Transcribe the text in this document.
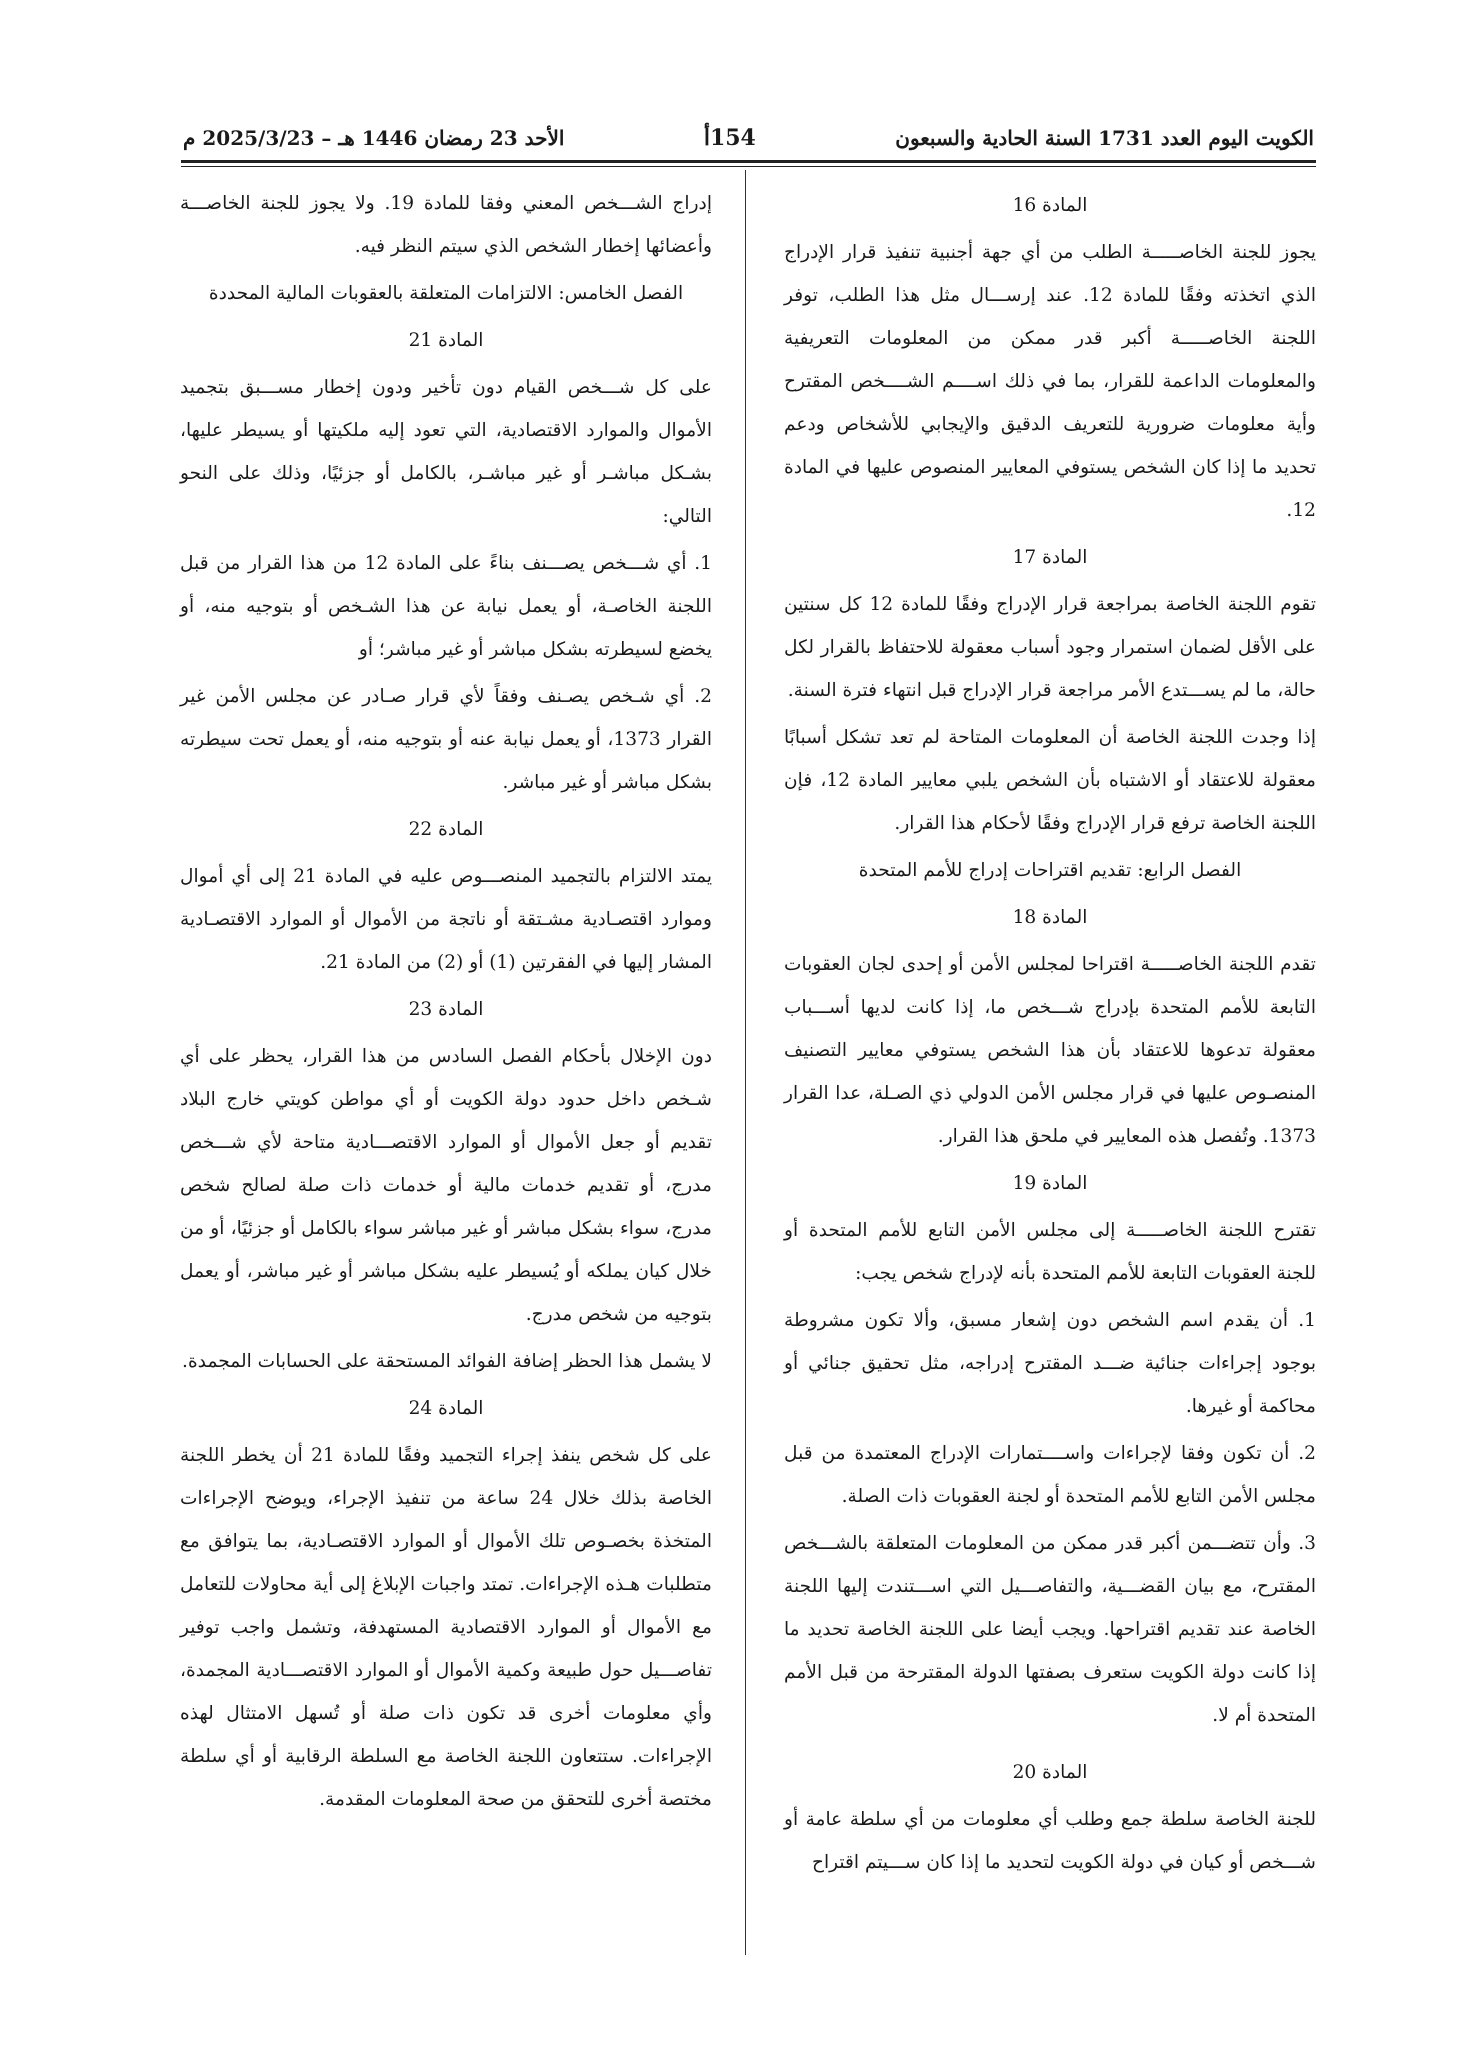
الكويت اليوم العدد 1731 السنة الحادية والسبعون
154أ
الأحد 23 رمضان 1446 هـ – 2025/3/23 م

المادة 16

يجوز للجنة الخاصـــــة الطلب من أي جهة أجنبية تنفيذ قرار الإدراج الذي اتخذته وفقًا للمادة 12. عند إرســـال مثل هذا الطلب، توفر اللجنة الخاصـــــة أكبر قدر ممكن من المعلومات التعريفية والمعلومات الداعمة للقرار، بما في ذلك اســــم الشــــخص المقترح وأية معلومات ضرورية للتعريف الدقيق والإيجابي للأشخاص ودعم تحديد ما إذا كان الشخص يستوفي المعايير المنصوص عليها في المادة 12.

المادة 17

تقوم اللجنة الخاصة بمراجعة قرار الإدراج وفقًا للمادة 12 كل سنتين على الأقل لضمان استمرار وجود أسباب معقولة للاحتفاظ بالقرار لكل حالة، ما لم يســـتدع الأمر مراجعة قرار الإدراج قبل انتهاء فترة السنة.

إذا وجدت اللجنة الخاصة أن المعلومات المتاحة لم تعد تشكل أسبابًا معقولة للاعتقاد أو الاشتباه بأن الشخص يلبي معايير المادة 12، فإن اللجنة الخاصة ترفع قرار الإدراج وفقًا لأحكام هذا القرار.

الفصل الرابع: تقديم اقتراحات إدراج للأمم المتحدة

المادة 18

تقدم اللجنة الخاصـــــة اقتراحا لمجلس الأمن أو إحدى لجان العقوبات التابعة للأمم المتحدة بإدراج شـــخص ما، إذا كانت لديها أســـباب معقولة تدعوها للاعتقاد بأن هذا الشخص يستوفي معايير التصنيف المنصـوص عليها في قرار مجلس الأمن الدولي ذي الصـلة، عدا القرار 1373. وتُفصل هذه المعايير في ملحق هذا القرار.

المادة 19

تقترح اللجنة الخاصـــــة إلى مجلس الأمن التابع للأمم المتحدة أو للجنة العقوبات التابعة للأمم المتحدة بأنه لإدراج شخص يجب:

1. أن يقدم اسم الشخص دون إشعار مسبق، وألا تكون مشروطة بوجود إجراءات جنائية ضـــد المقترح إدراجه، مثل تحقيق جنائي أو محاكمة أو غيرها.

2. أن تكون وفقا لإجراءات واســــتمارات الإدراج المعتمدة من قبل مجلس الأمن التابع للأمم المتحدة أو لجنة العقوبات ذات الصلة.

3. وأن تتضـــمن أكبر قدر ممكن من المعلومات المتعلقة بالشـــخص المقترح، مع بيان القضـــية، والتفاصـــيل التي اســـتندت إليها اللجنة الخاصة عند تقديم اقتراحها. ويجب أيضا على اللجنة الخاصة تحديد ما إذا كانت دولة الكويت ستعرف بصفتها الدولة المقترحة من قبل الأمم المتحدة أم لا.

المادة 20

للجنة الخاصة سلطة جمع وطلب أي معلومات من أي سلطة عامة أو شـــخص أو كيان في دولة الكويت لتحديد ما إذا كان ســـيتم اقتراح

إدراج الشـــخص المعني وفقا للمادة 19. ولا يجوز للجنة الخاصـــة وأعضائها إخطار الشخص الذي سيتم النظر فيه.

الفصل الخامس: الالتزامات المتعلقة بالعقوبات المالية المحددة

المادة 21

على كل شـــخص القيام دون تأخير ودون إخطار مســـبق بتجميد الأموال والموارد الاقتصادية، التي تعود إليه ملكيتها أو يسيطر عليها، بشـكل مباشـر أو غير مباشـر، بالكامل أو جزئيًا، وذلك على النحو التالي:

1. أي شـــخص يصـــنف بناءً على المادة 12 من هذا القرار من قبل اللجنة الخاصـة، أو يعمل نيابة عن هذا الشـخص أو بتوجيه منه، أو يخضع لسيطرته بشكل مباشر أو غير مباشر؛ أو

2. أي شـخص يصـنف وفقاً لأي قرار صـادر عن مجلس الأمن غير القرار 1373، أو يعمل نيابة عنه أو بتوجيه منه، أو يعمل تحت سيطرته بشكل مباشر أو غير مباشر.

المادة 22

يمتد الالتزام بالتجميد المنصـــوص عليه في المادة 21 إلى أي أموال وموارد اقتصـادية مشـتقة أو ناتجة من الأموال أو الموارد الاقتصـادية المشار إليها في الفقرتين (1) أو (2) من المادة 21.

المادة 23

دون الإخلال بأحكام الفصل السادس من هذا القرار، يحظر على أي شـخص داخل حدود دولة الكويت أو أي مواطن كويتي خارج البلاد تقديم أو جعل الأموال أو الموارد الاقتصـــادية متاحة لأي شـــخص مدرج، أو تقديم خدمات مالية أو خدمات ذات صلة لصالح شخص مدرج، سواء بشكل مباشر أو غير مباشر سواء بالكامل أو جزئيًا، أو من خلال كيان يملكه أو يُسيطر عليه بشكل مباشر أو غير مباشر، أو يعمل بتوجيه من شخص مدرج.

لا يشمل هذا الحظر إضافة الفوائد المستحقة على الحسابات المجمدة.

المادة 24

على كل شخص ينفذ إجراء التجميد وفقًا للمادة 21 أن يخطر اللجنة الخاصة بذلك خلال 24 ساعة من تنفيذ الإجراء، ويوضح الإجراءات المتخذة بخصـوص تلك الأموال أو الموارد الاقتصـادية، بما يتوافق مع متطلبات هـذه الإجراءات. تمتد واجبات الإبلاغ إلى أية محاولات للتعامل مع الأموال أو الموارد الاقتصادية المستهدفة، وتشمل واجب توفير تفاصـــيل حول طبيعة وكمية الأموال أو الموارد الاقتصـــادية المجمدة، وأي معلومات أخرى قد تكون ذات صلة أو تُسهل الامتثال لهذه الإجراءات. ستتعاون اللجنة الخاصة مع السلطة الرقابية أو أي سلطة مختصة أخرى للتحقق من صحة المعلومات المقدمة.
